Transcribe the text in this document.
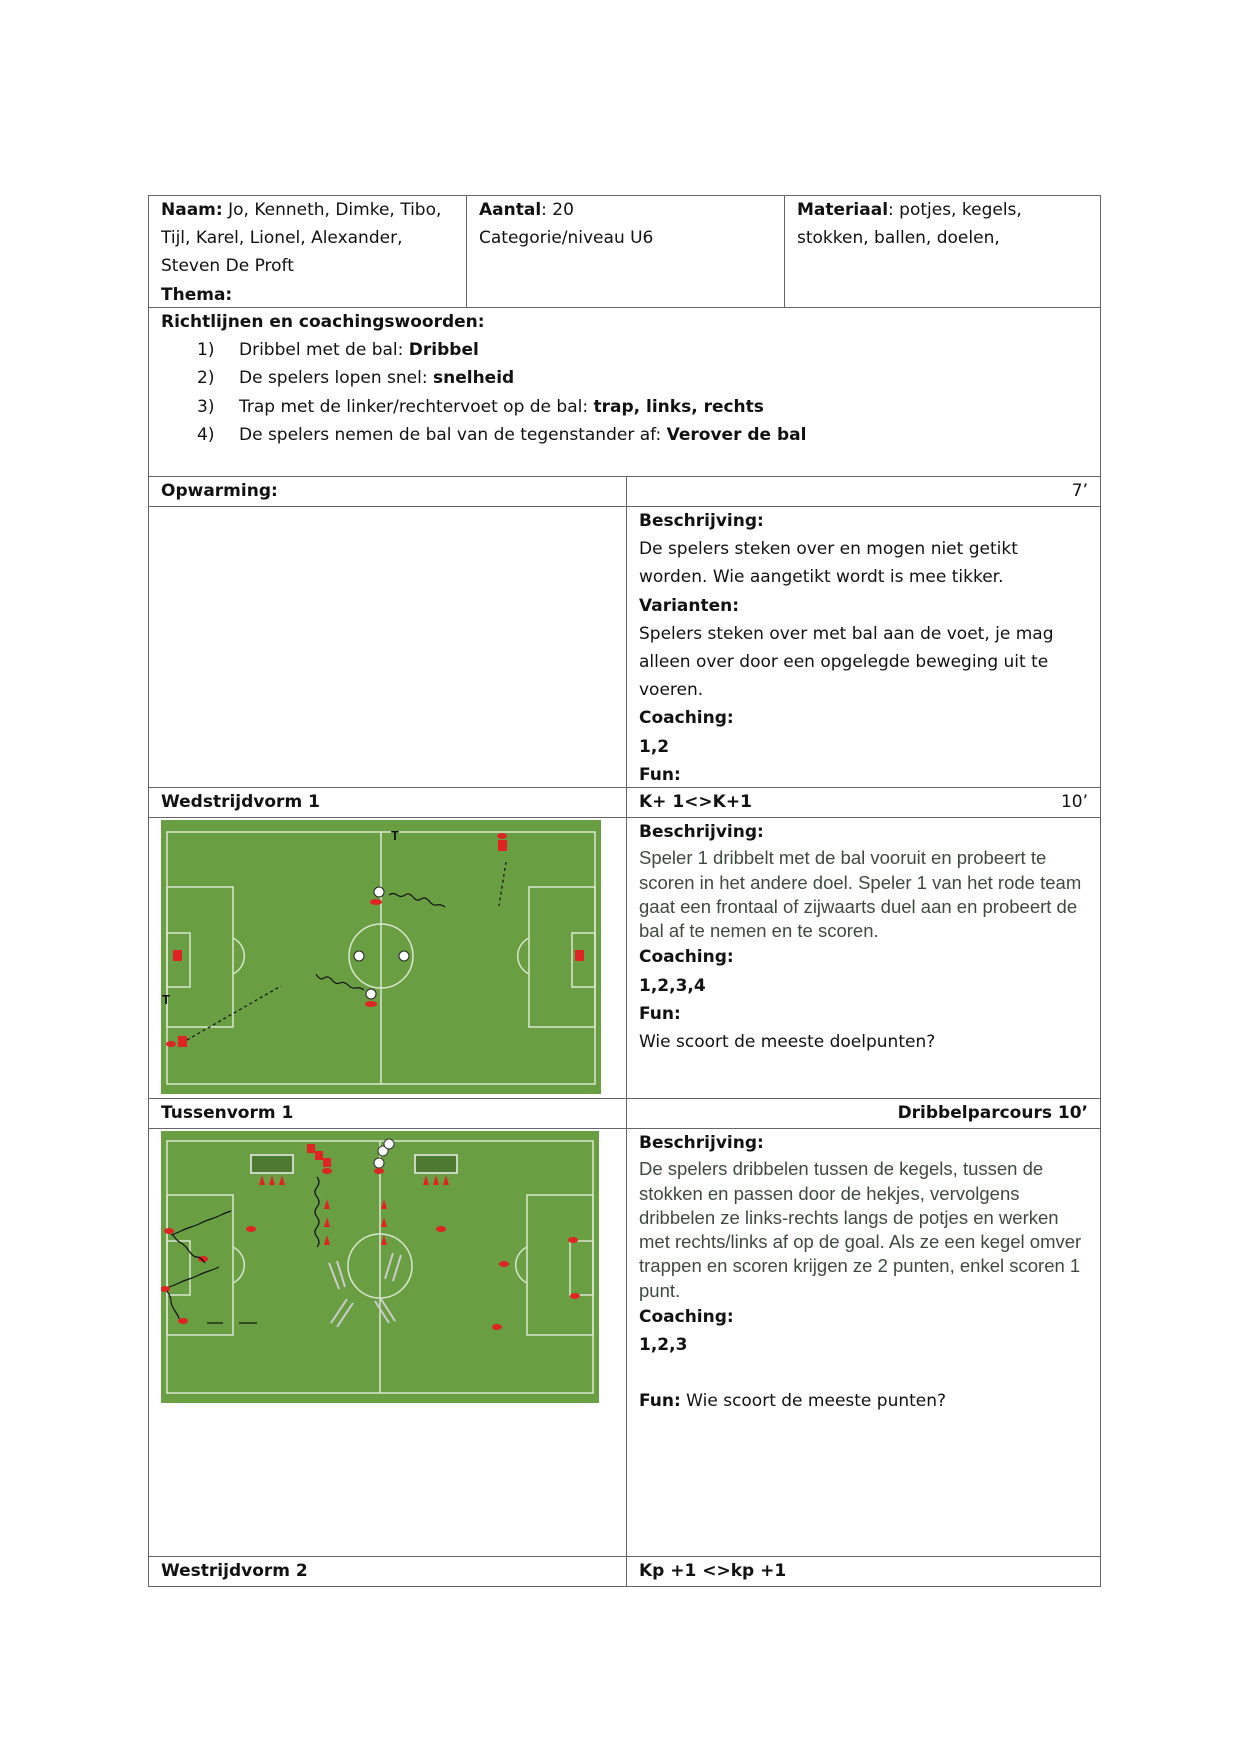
Naam: Jo, Kenneth, Dimke, Tibo, Tijl, Karel, Lionel, Alexander, Steven De Proft
Thema:
Aantal: 20
Categorie/niveau U6
Materiaal: potjes, kegels, stokken, ballen, doelen,
Richtlijnen en coachingswoorden:
1)	Dribbel met de bal: Dribbel
2)	De spelers lopen snel: snelheid
3)	Trap met de linker/rechtervoet op de bal: trap, links, rechts
4)	De spelers nemen de bal van de tegenstander af: Verover de bal
Opwarming:	7’
Beschrijving:
De spelers steken over en mogen niet getikt worden. Wie aangetikt wordt is mee tikker.
Varianten:
Spelers steken over met bal aan de voet, je mag alleen over door een opgelegde beweging uit te voeren.
Coaching:
1,2
Fun:
Wedstrijdvorm 1	K+ 1<>K+1	10’
T
T
Beschrijving:
Speler 1 dribbelt met de bal vooruit en probeert te scoren in het andere doel. Speler 1 van het rode team gaat een frontaal of zijwaarts duel aan en probeert de bal af te nemen en te scoren.
Coaching:
1,2,3,4
Fun:
Wie scoort de meeste doelpunten?
Tussenvorm 1	Dribbelparcours 10’
Beschrijving:
De spelers dribbelen tussen de kegels, tussen de stokken en passen door de hekjes, vervolgens dribbelen ze links-rechts langs de potjes en werken met rechts/links af op de goal. Als ze een kegel omver trappen en scoren krijgen ze 2 punten, enkel scoren 1 punt.
Coaching:
1,2,3
Fun: Wie scoort de meeste punten?
Westrijdvorm 2	Kp +1 <>kp +1
